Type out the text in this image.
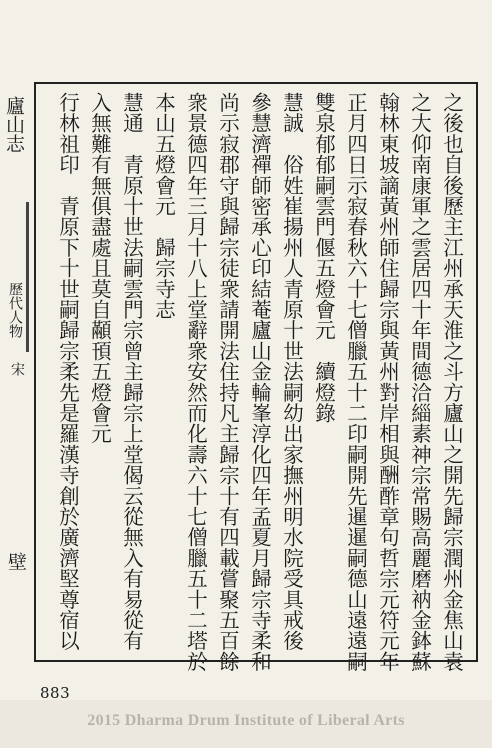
廬山志
歷代人物
宋
壁	之後也自後歷主江州承天淮之斗方廬山之開先歸宗潤州金焦山袁
之大仰南康軍之雲居四十年間德洽緇素神宗常賜高麗磨衲金鉢蘇
翰林東坡謫黃州師住歸宗與黃州對岸相與酬酢章句哲宗元符元年
正月四日示寂春秋六十七僧臘五十二印嗣開先暹暹嗣德山遠遠嗣
雙泉郁郁嗣雲門偃五燈會元　續燈錄
慧誠　俗姓崔揚州人青原十世法嗣幼出家撫州明水院受具戒後
參慧濟禪師密承心印結菴廬山金輪峯淳化四年孟夏月歸宗寺柔和
尚示寂郡守與歸宗徒衆請開法住持凡主歸宗十有四載嘗聚五百餘
衆景德四年三月十八上堂辭衆安然而化壽六十七僧臘五十二塔於
本山五燈會元　歸宗寺志
慧通　青原十世法嗣雲門宗曾主歸宗上堂偈云從無入有易從有
入無難有無俱盡處且莫自顢頇五燈會元
行林祖印　青原下十世嗣歸宗柔先是羅漢寺創於廣濟堅尊宿以
883
2015 Dharma Drum Institute of Liberal Arts
